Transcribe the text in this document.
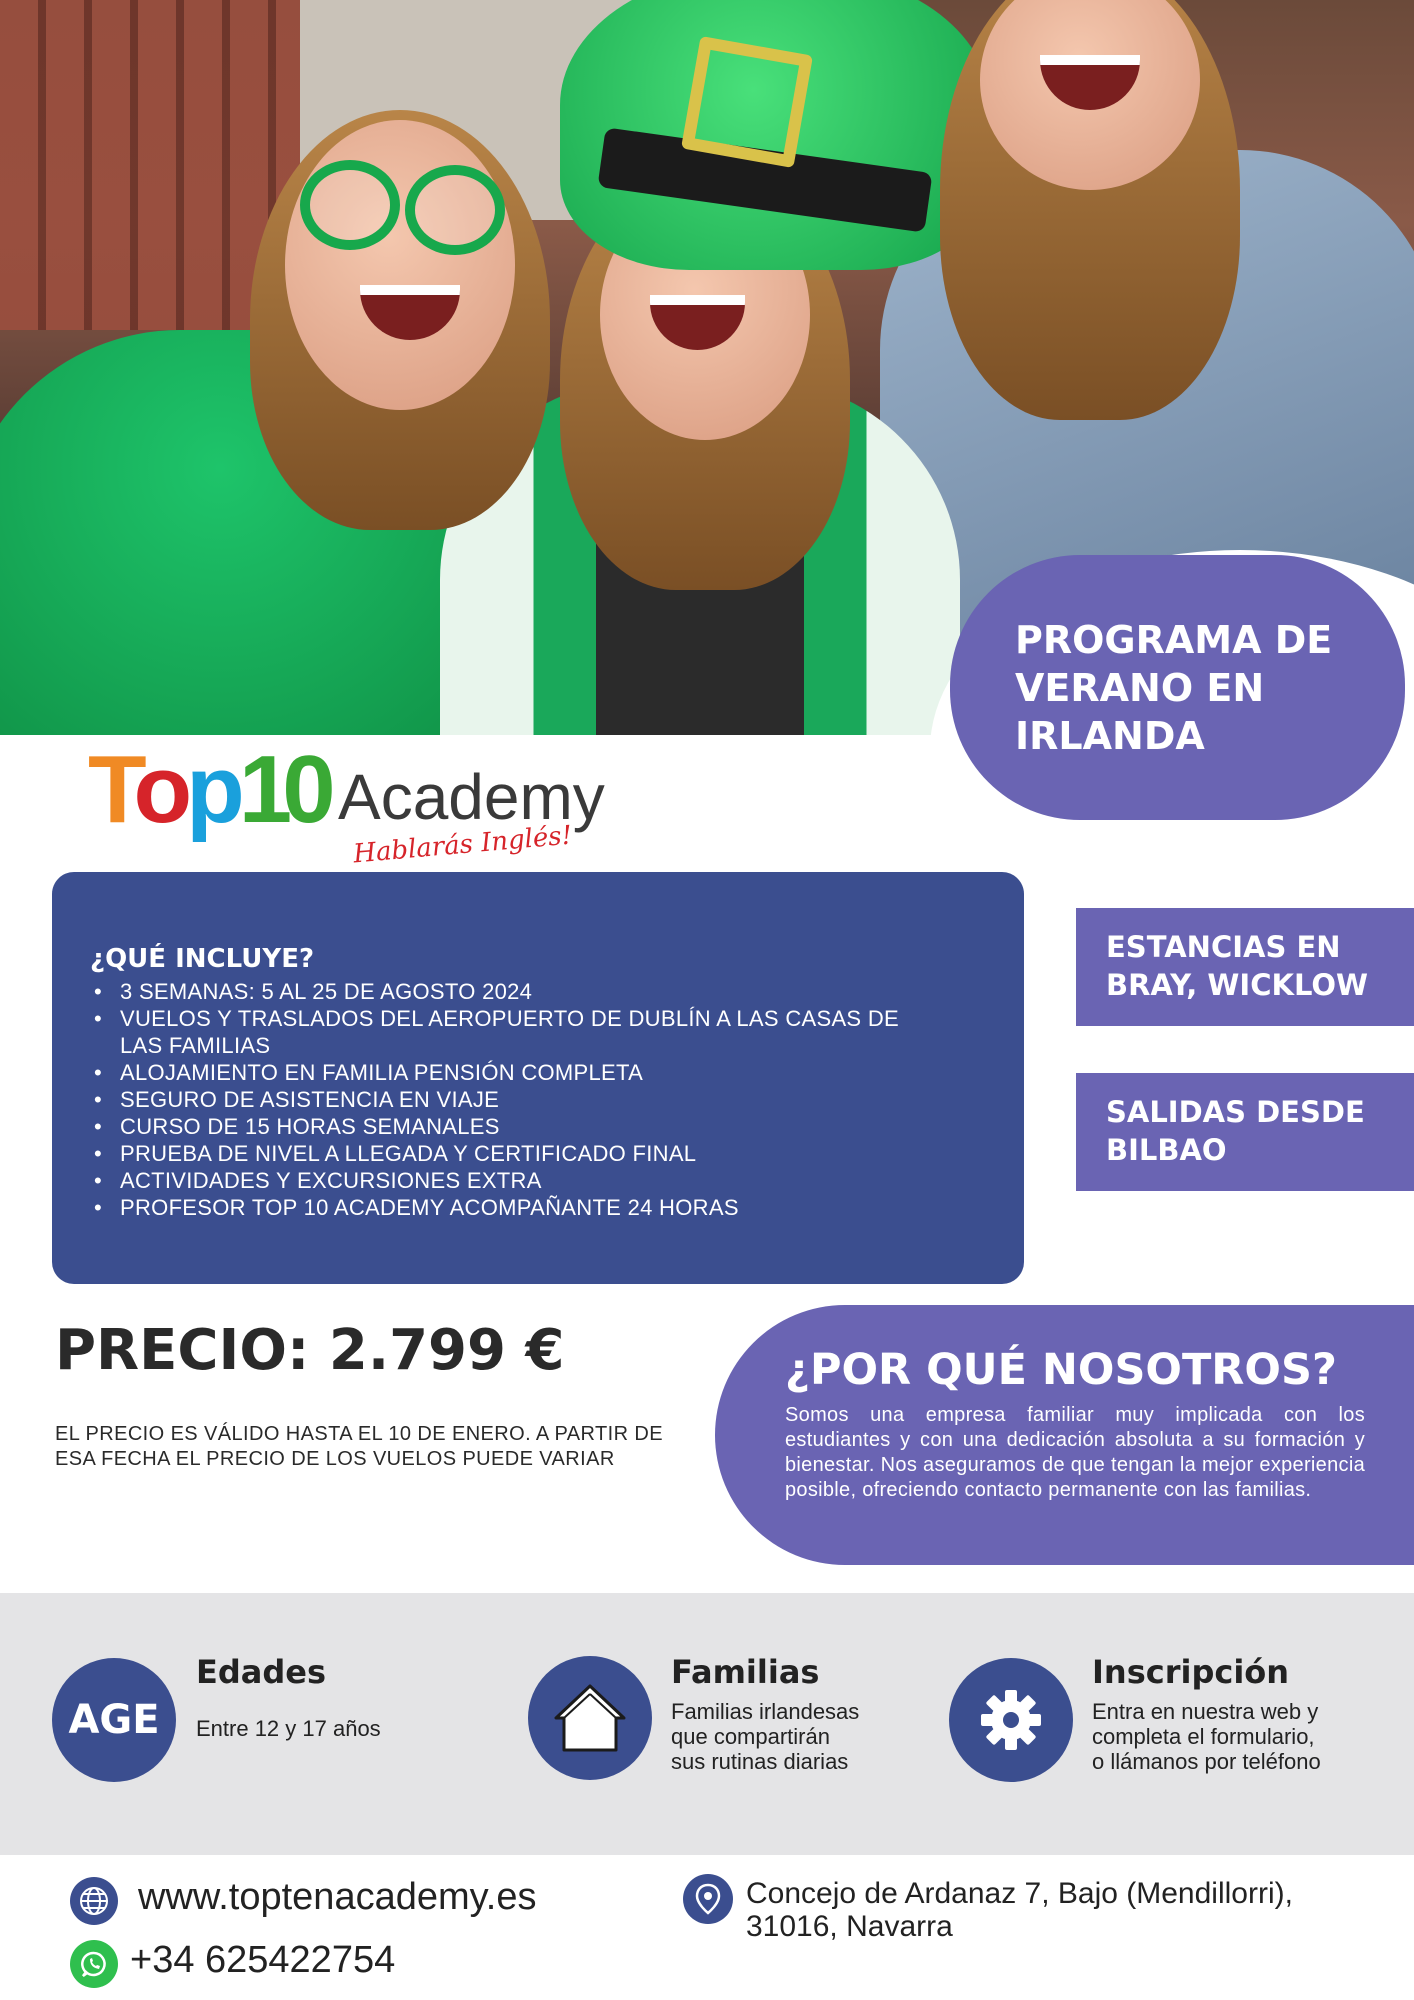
PROGRAMA DE
VERANO EN
IRLANDA
Top10 Academy
Hablarás Inglés!
¿QUÉ INCLUYE?
• 3 SEMANAS: 5 AL 25 DE AGOSTO 2024
• VUELOS Y TRASLADOS DEL AEROPUERTO DE DUBLÍN A LAS CASAS DE LAS FAMILIAS
• ALOJAMIENTO EN FAMILIA PENSIÓN COMPLETA
• SEGURO DE ASISTENCIA EN VIAJE
• CURSO DE 15 HORAS SEMANALES
• PRUEBA DE NIVEL A LLEGADA Y CERTIFICADO FINAL
• ACTIVIDADES Y EXCURSIONES EXTRA
• PROFESOR TOP 10 ACADEMY ACOMPAÑANTE 24 HORAS
ESTANCIAS EN
BRAY, WICKLOW
SALIDAS DESDE
BILBAO
PRECIO: 2.799 €
EL PRECIO ES VÁLIDO HASTA EL 10 DE ENERO. A PARTIR DE ESA FECHA EL PRECIO DE LOS VUELOS PUEDE VARIAR
¿POR QUÉ NOSOTROS?

Somos una empresa familiar muy implicada con los estudiantes y con una dedicación absoluta a su formación y bienestar. Nos aseguramos de que tengan la mejor experiencia posible, ofreciendo contacto permanente con las familias.

AGE
Edades
Entre 12 y 17 años
Familias
Familias irlandesas
que compartirán
sus rutinas diarias
Inscripción
Entra en nuestra web y
completa el formulario,
o llámanos por teléfono
www.toptenacademy.es
+34 625422754
Concejo de Ardanaz 7, Bajo (Mendillorri),
31016, Navarra
